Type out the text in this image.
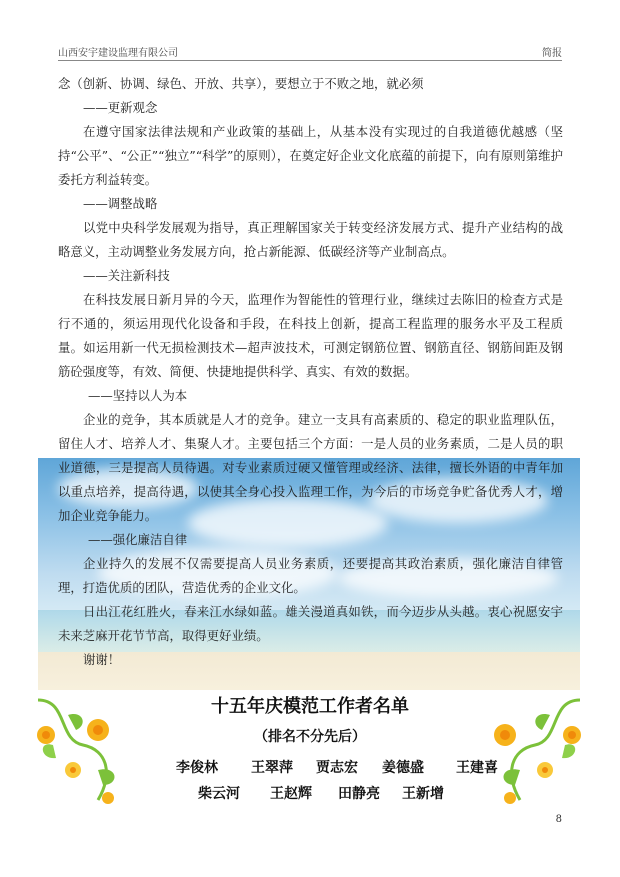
山西安宇建设监理有限公司	简报

念（创新、协调、绿色、开放、共享），要想立于不败之地，就必须

——更新观念

在遵守国家法律法规和产业政策的基础上，从基本没有实现过的自我道德优越感（坚持“公平”、“公正”“独立”“科学”的原则），在奠定好企业文化底蕴的前提下，向有原则第维护委托方利益转变。

——调整战略

以党中央科学发展观为指导，真正理解国家关于转变经济发展方式、提升产业结构的战略意义，主动调整业务发展方向，抢占新能源、低碳经济等产业制高点。

——关注新科技

在科技发展日新月异的今天，监理作为智能性的管理行业，继续过去陈旧的检查方式是行不通的，须运用现代化设备和手段，在科技上创新，提高工程监理的服务水平及工程质量。如运用新一代无损检测技术—超声波技术，可测定钢筋位置、钢筋直径、钢筋间距及钢筋砼强度等，有效、简便、快捷地提供科学、真实、有效的数据。

——坚持以人为本

企业的竞争，其本质就是人才的竞争。建立一支具有高素质的、稳定的职业监理队伍，留住人才、培养人才、集聚人才。主要包括三个方面：一是人员的业务素质，二是人员的职业道德，三是提高人员待遇。对专业素质过硬又懂管理或经济、法律，擅长外语的中青年加以重点培养，提高待遇，以使其全身心投入监理工作，为今后的市场竞争贮备优秀人才，增加企业竞争能力。

——强化廉洁自律

企业持久的发展不仅需要提高人员业务素质，还要提高其政治素质，强化廉洁自律管理，打造优质的团队，营造优秀的企业文化。

日出江花红胜火，春来江水绿如蓝。雄关漫道真如铁，而今迈步从头越。衷心祝愿安宇未来芝麻开花节节高，取得更好业绩。

谢谢！

十五年庆模范工作者名单
（排名不分先后）
李俊林 王翠萍 贾志宏 姜德盛 王建喜
柴云河 王赵辉 田静亮 王新增
8
